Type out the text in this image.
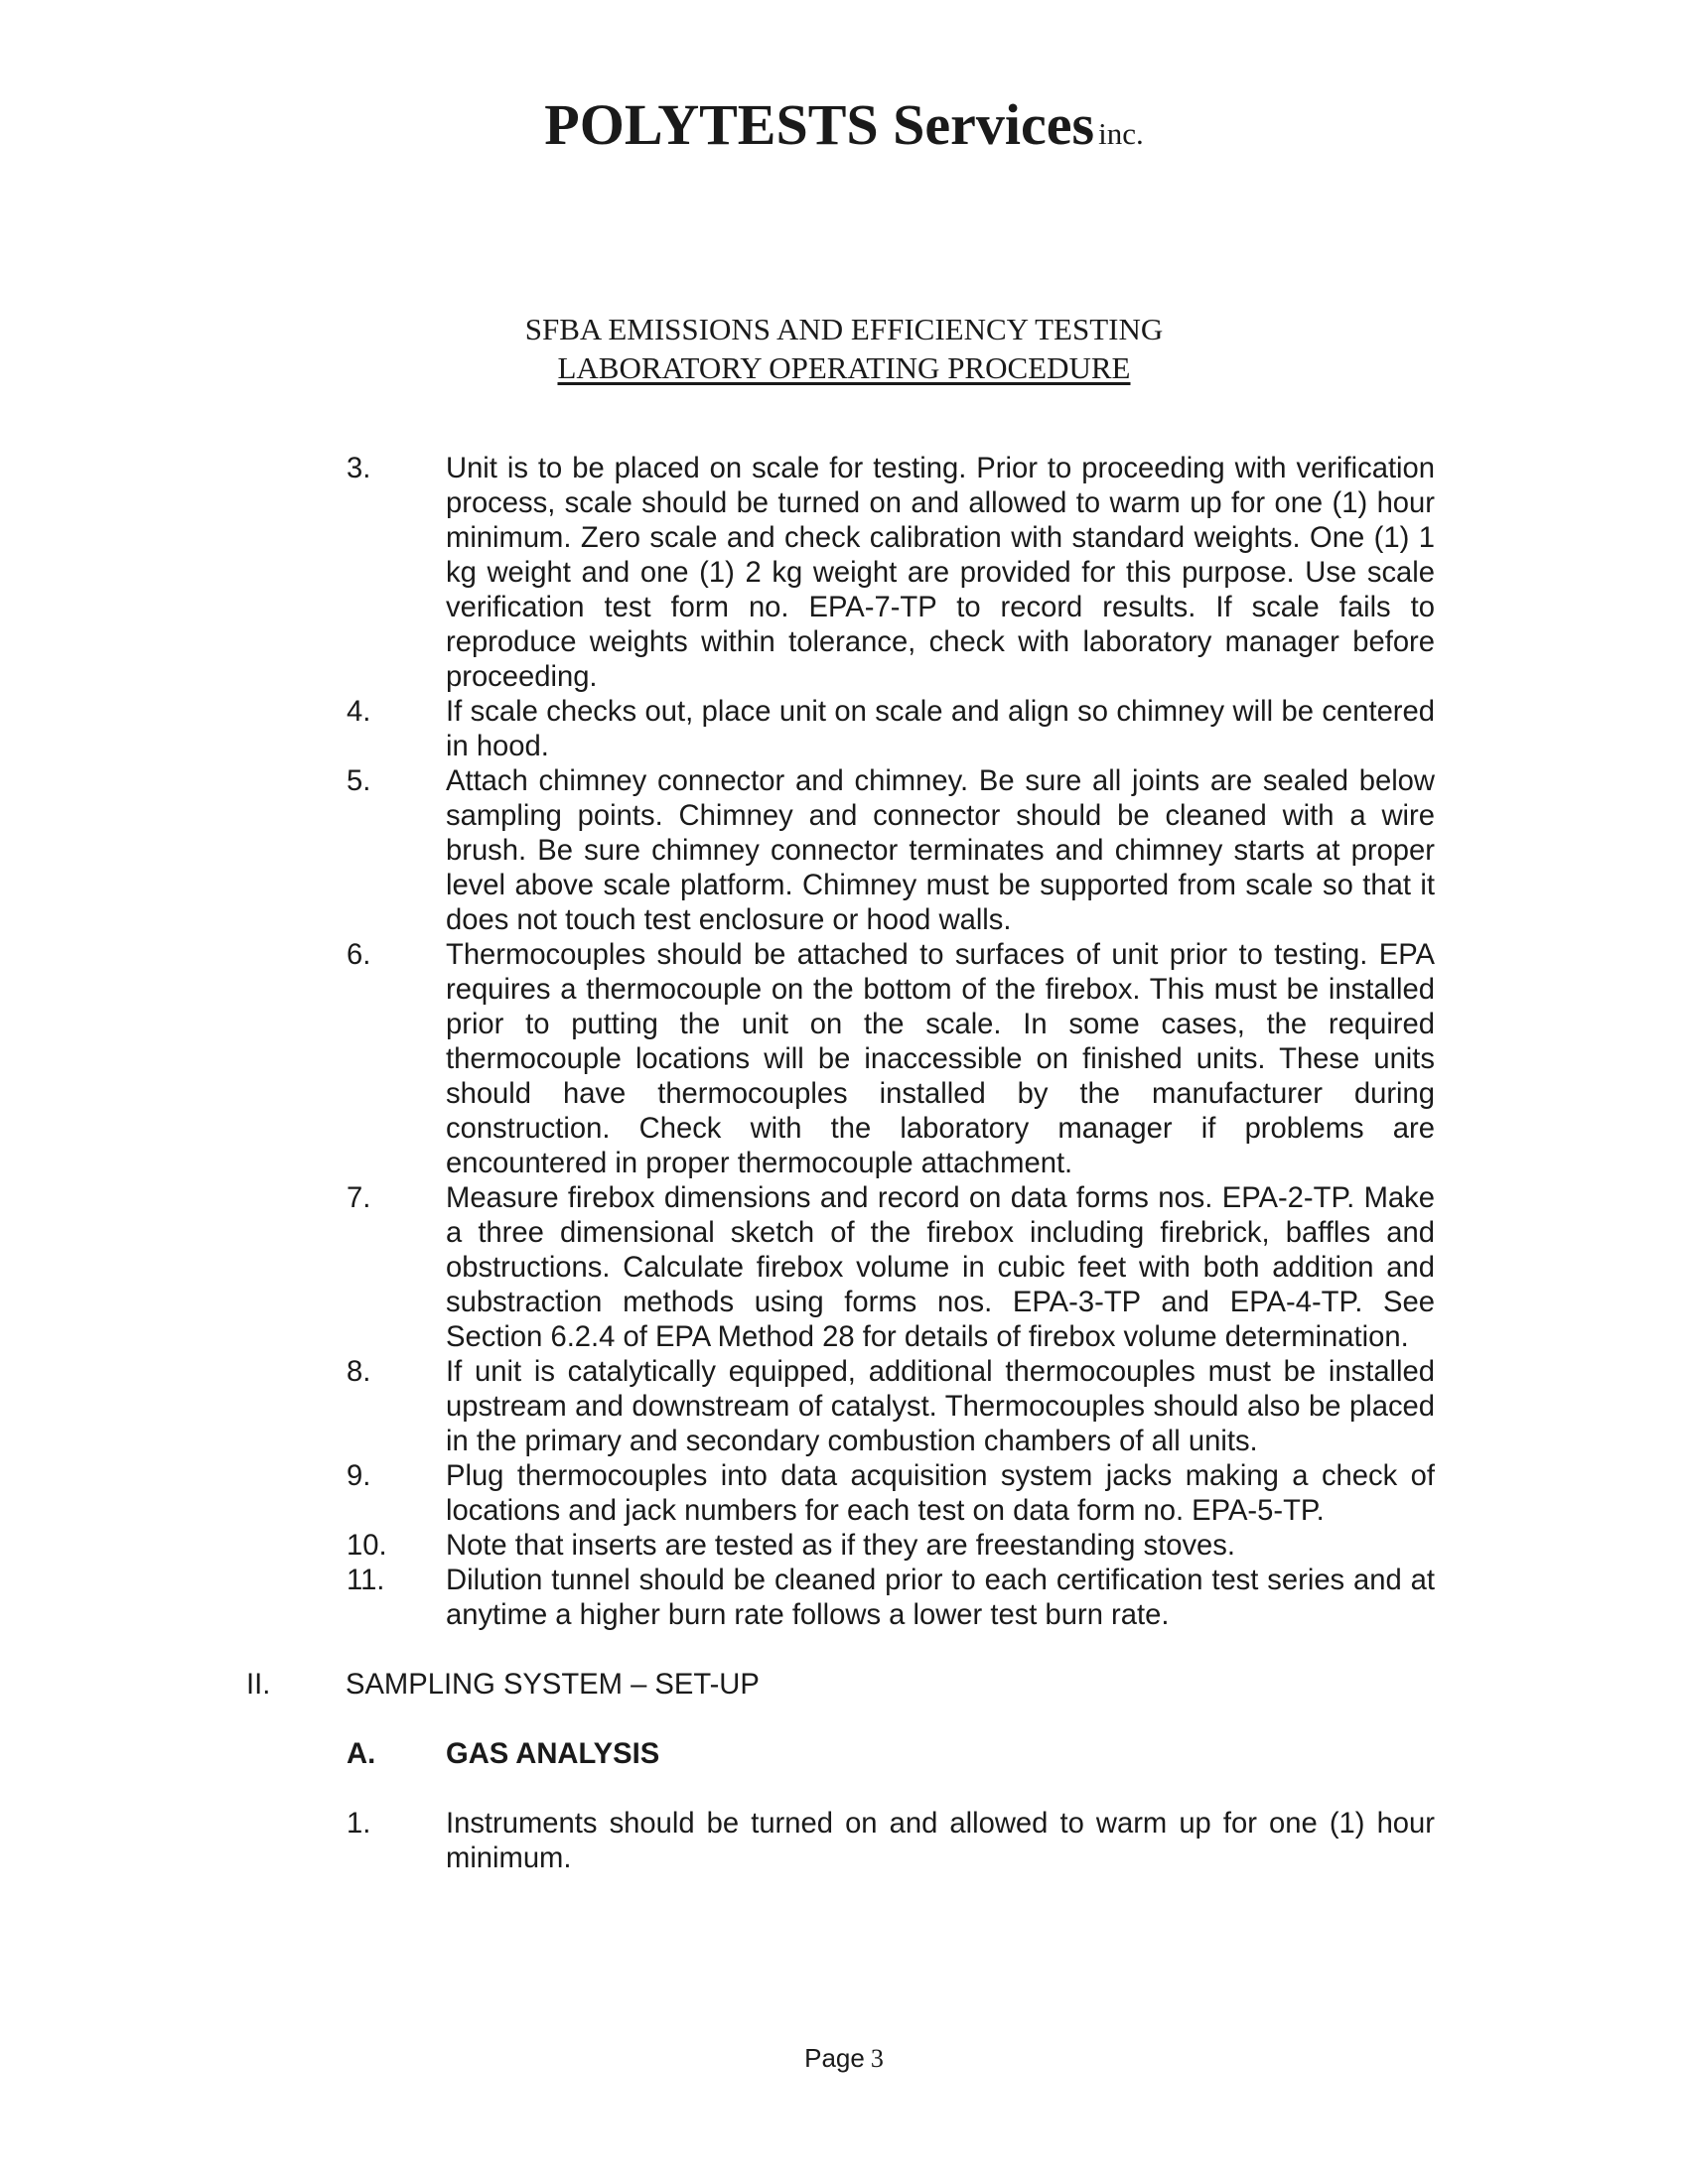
POLYTESTS Services inc.
SFBA EMISSIONS AND EFFICIENCY TESTING
LABORATORY OPERATING PROCEDURE
3.	Unit is to be placed on scale for testing. Prior to proceeding with verification process, scale should be turned on and allowed to warm up for one (1) hour minimum. Zero scale and check calibration with standard weights. One (1) 1 kg weight and one (1) 2 kg weight are provided for this purpose. Use scale verification test form no. EPA-7-TP to record results. If scale fails to reproduce weights within tolerance, check with laboratory manager before proceeding.
4.	If scale checks out, place unit on scale and align so chimney will be centered in hood.
5.	Attach chimney connector and chimney. Be sure all joints are sealed below sampling points. Chimney and connector should be cleaned with a wire brush. Be sure chimney connector terminates and chimney starts at proper level above scale platform. Chimney must be supported from scale so that it does not touch test enclosure or hood walls.
6.	Thermocouples should be attached to surfaces of unit prior to testing. EPA requires a thermocouple on the bottom of the firebox. This must be installed prior to putting the unit on the scale. In some cases, the required thermocouple locations will be inaccessible on finished units. These units should have thermocouples installed by the manufacturer during construction. Check with the laboratory manager if problems are encountered in proper thermocouple attachment.
7.	Measure firebox dimensions and record on data forms nos. EPA-2-TP. Make a three dimensional sketch of the firebox including firebrick, baffles and obstructions. Calculate firebox volume in cubic feet with both addition and substraction methods using forms nos. EPA-3-TP and EPA-4-TP. See Section 6.2.4 of EPA Method 28 for details of firebox volume determination.
8.	If unit is catalytically equipped, additional thermocouples must be installed upstream and downstream of catalyst. Thermocouples should also be placed in the primary and secondary combustion chambers of all units.
9.	Plug thermocouples into data acquisition system jacks making a check of locations and jack numbers for each test on data form no. EPA-5-TP.
10. Note that inserts are tested as if they are freestanding stoves.
11. Dilution tunnel should be cleaned prior to each certification test series and at anytime a higher burn rate follows a lower test burn rate.
II.	SAMPLING SYSTEM – SET-UP
A. GAS ANALYSIS
1.	Instruments should be turned on and allowed to warm up for one (1) hour minimum.
Page 3
